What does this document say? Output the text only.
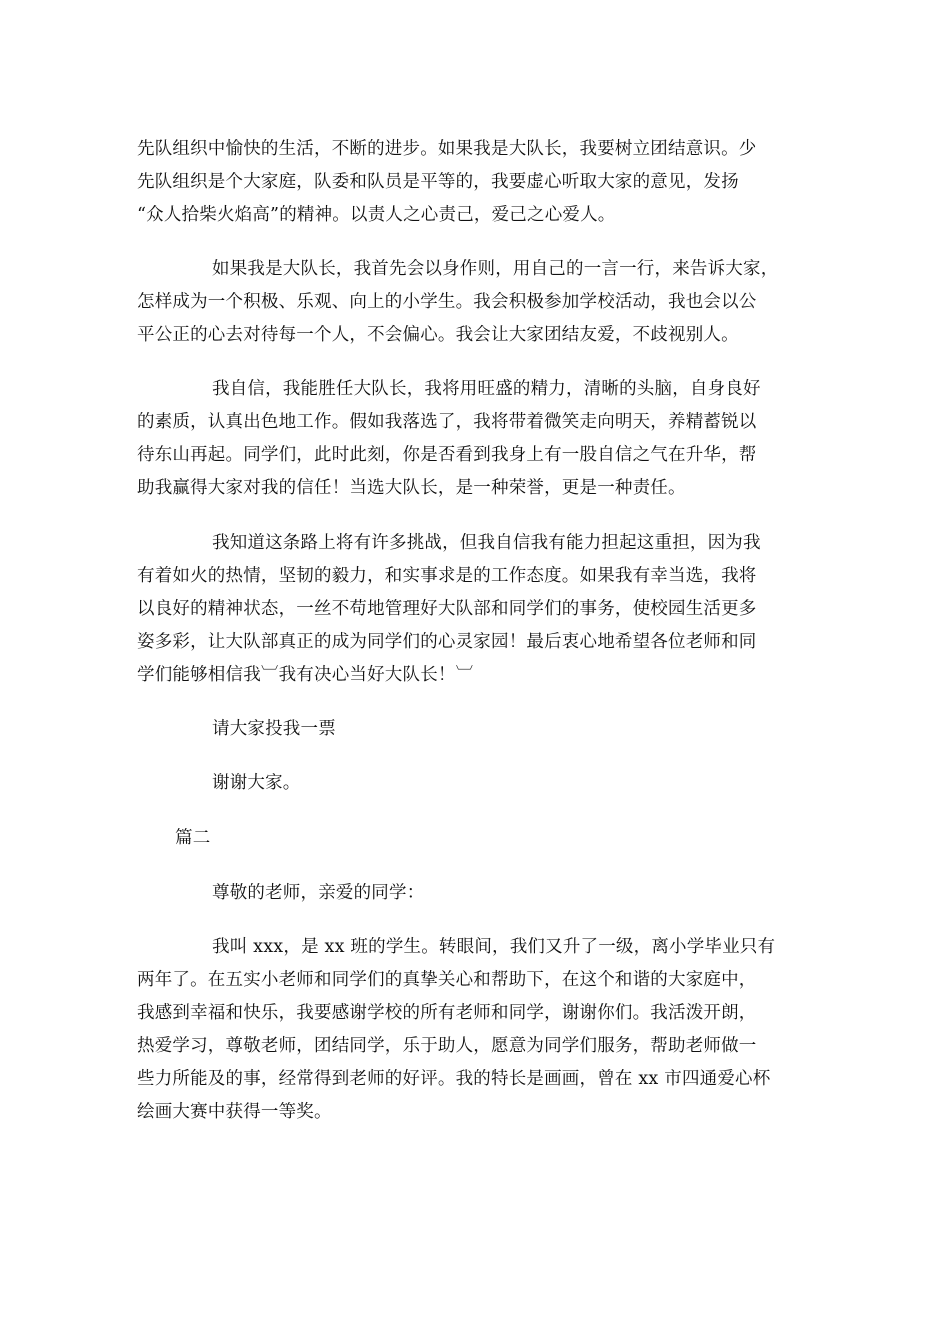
先队组织中愉快的生活，不断的进步。如果我是大队长，我要树立团结意识。少
先队组织是个大家庭，队委和队员是平等的，我要虚心听取大家的意见，发扬
“众人拾柴火焰高”的精神。以责人之心责己，爱己之心爱人。
如果我是大队长，我首先会以身作则，用自己的一言一行，来告诉大家，
怎样成为一个积极、乐观、向上的小学生。我会积极参加学校活动，我也会以公
平公正的心去对待每一个人，不会偏心。我会让大家团结友爱，不歧视别人。
我自信，我能胜任大队长，我将用旺盛的精力，清晰的头脑，自身良好
的素质，认真出色地工作。假如我落选了，我将带着微笑走向明天，养精蓄锐以
待东山再起。同学们，此时此刻，你是否看到我身上有一股自信之气在升华，帮
助我赢得大家对我的信任！当选大队长，是一种荣誉，更是一种责任。
我知道这条路上将有许多挑战，但我自信我有能力担起这重担，因为我
有着如火的热情，坚韧的毅力，和实事求是的工作态度。如果我有幸当选，我将
以良好的精神状态，一丝不苟地管理好大队部和同学们的事务，使校园生活更多
姿多彩，让大队部真正的成为同学们的心灵家园！最后衷心地希望各位老师和同
学们能够相信我︺我有决心当好大队长！︺
请大家投我一票
谢谢大家。
篇二
尊敬的老师，亲爱的同学：
我叫 xxx，是 xx 班的学生。转眼间，我们又升了一级，离小学毕业只有
两年了。在五实小老师和同学们的真挚关心和帮助下，在这个和谐的大家庭中，
我感到幸福和快乐，我要感谢学校的所有老师和同学，谢谢你们。我活泼开朗，
热爱学习，尊敬老师，团结同学，乐于助人，愿意为同学们服务，帮助老师做一
些力所能及的事，经常得到老师的好评。我的特长是画画，曾在 xx 市四通爱心杯
绘画大赛中获得一等奖。
